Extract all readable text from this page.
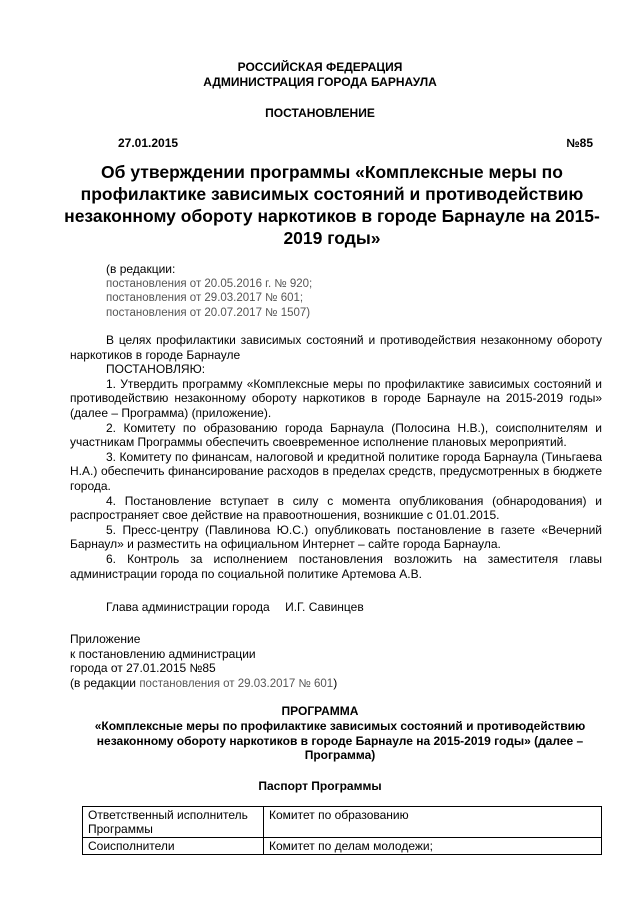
РОССИЙСКАЯ ФЕДЕРАЦИЯ
АДМИНИСТРАЦИЯ ГОРОДА БАРНАУЛА
ПОСТАНОВЛЕНИЕ
27.01.2015	№85
Об утверждении программы «Комплексные меры по профилактике зависимых состояний и противодействию незаконному обороту наркотиков в городе Барнауле на 2015-2019 годы»
(в редакции:
постановления от 20.05.2016 г. № 920;
постановления от 29.03.2017 № 601;
постановления от 20.07.2017 № 1507)

В целях профилактики зависимых состояний и противодействия незаконному обороту наркотиков в городе Барнауле

ПОСТАНОВЛЯЮ:

1. Утвердить программу «Комплексные меры по профилактике зависимых состояний и противодействию незаконному обороту наркотиков в городе Барнауле на 2015-2019 годы» (далее – Программа) (приложение).

2. Комитету по образованию города Барнаула (Полосина Н.В.), соисполнителям и участникам Программы обеспечить своевременное исполнение плановых мероприятий.

3. Комитету по финансам, налоговой и кредитной политике города Барнаула (Тиньгаева Н.А.) обеспечить финансирование расходов в пределах средств, предусмотренных в бюджете города.

4. Постановление вступает в силу с момента опубликования (обнародования) и распространяет свое действие на правоотношения, возникшие с 01.01.2015.

5. Пресс-центру (Павлинова Ю.С.) опубликовать постановление в газете «Вечерний Барнаул» и разместить на официальном Интернет – сайте города Барнаула.

6. Контроль за исполнением постановления возложить на заместителя главы администрации города по социальной политике Артемова А.В.

Глава администрации города И.Г. Савинцев
Приложение
к постановлению администрации
города от 27.01.2015 №85
(в редакции постановления от 29.03.2017 № 601)
ПРОГРАММА
«Комплексные меры по профилактике зависимых состояний и противодействию незаконному обороту наркотиков в городе Барнауле на 2015-2019 годы» (далее – Программа)
Паспорт Программы
Ответственный исполнитель Программы	Комитет по образованию
Соисполнители	Комитет по делам молодежи;
